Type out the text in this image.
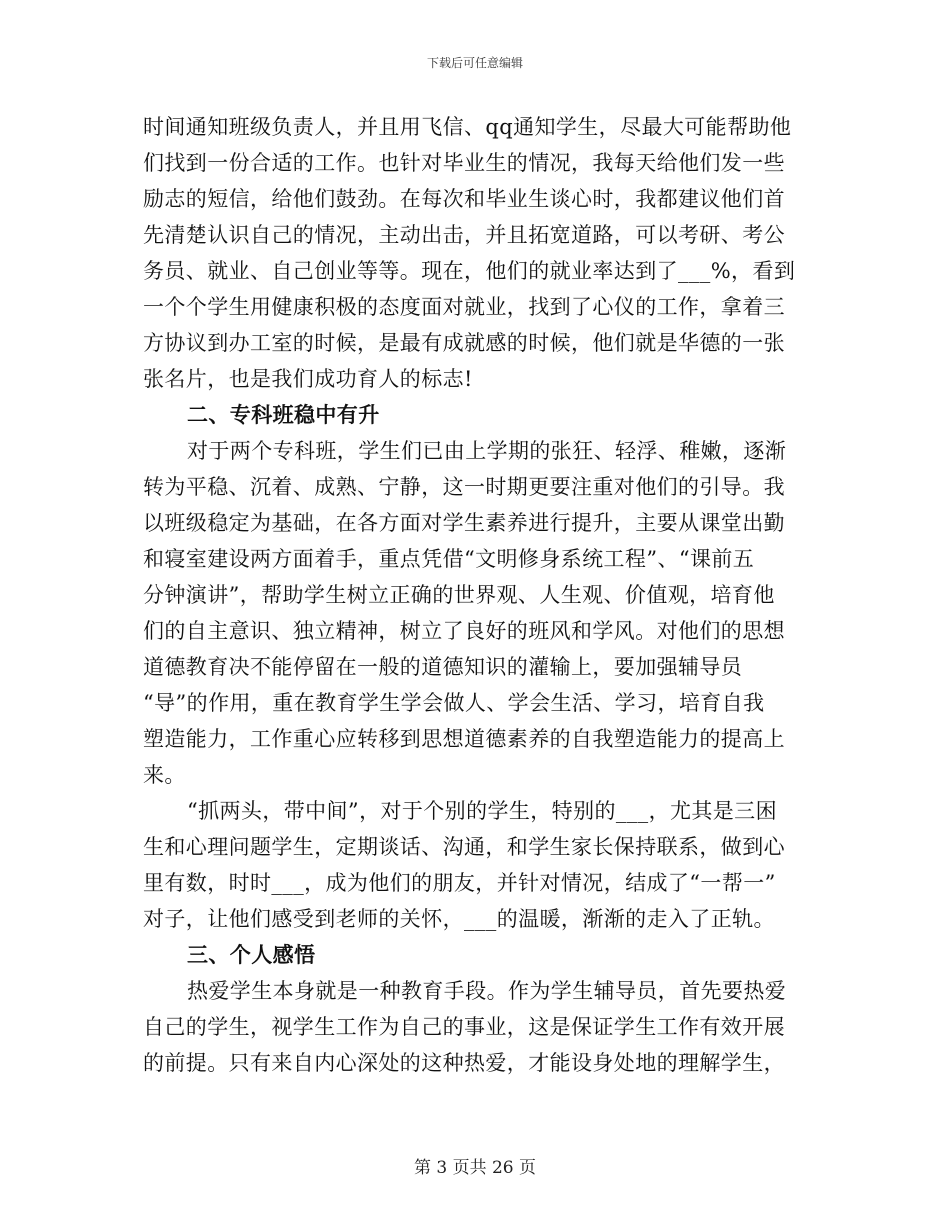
下载后可任意编辑
时间通知班级负责人，并且用飞信、qq通知学生，尽最大可能帮助他
们找到一份合适的工作。也针对毕业生的情况，我每天给他们发一些
励志的短信，给他们鼓劲。在每次和毕业生谈心时，我都建议他们首
先清楚认识自己的情况，主动出击，并且拓宽道路，可以考研、考公
务员、就业、自己创业等等。现在，他们的就业率达到了___%，看到
一个个学生用健康积极的态度面对就业，找到了心仪的工作，拿着三
方协议到办工室的时候，是最有成就感的时候，他们就是华德的一张
张名片，也是我们成功育人的标志!
二、专科班稳中有升
对于两个专科班，学生们已由上学期的张狂、轻浮、稚嫩，逐渐
转为平稳、沉着、成熟、宁静，这一时期更要注重对他们的引导。我
以班级稳定为基础，在各方面对学生素养进行提升，主要从课堂出勤
和寝室建设两方面着手，重点凭借“文明修身系统工程”、“课前五
分钟演讲”，帮助学生树立正确的世界观、人生观、价值观，培育他
们的自主意识、独立精神，树立了良好的班风和学风。对他们的思想
道德教育决不能停留在一般的道德知识的灌输上，要加强辅导员
“导”的作用，重在教育学生学会做人、学会生活、学习，培育自我
塑造能力，工作重心应转移到思想道德素养的自我塑造能力的提高上
来。
“抓两头，带中间”，对于个别的学生，特别的___，尤其是三困
生和心理问题学生，定期谈话、沟通，和学生家长保持联系，做到心
里有数，时时___，成为他们的朋友，并针对情况，结成了“一帮一”
对子，让他们感受到老师的关怀，___的温暖，渐渐的走入了正轨。
三、个人感悟
热爱学生本身就是一种教育手段。作为学生辅导员，首先要热爱
自己的学生，视学生工作为自己的事业，这是保证学生工作有效开展
的前提。只有来自内心深处的这种热爱，才能设身处地的理解学生，
第 3 页共 26 页
